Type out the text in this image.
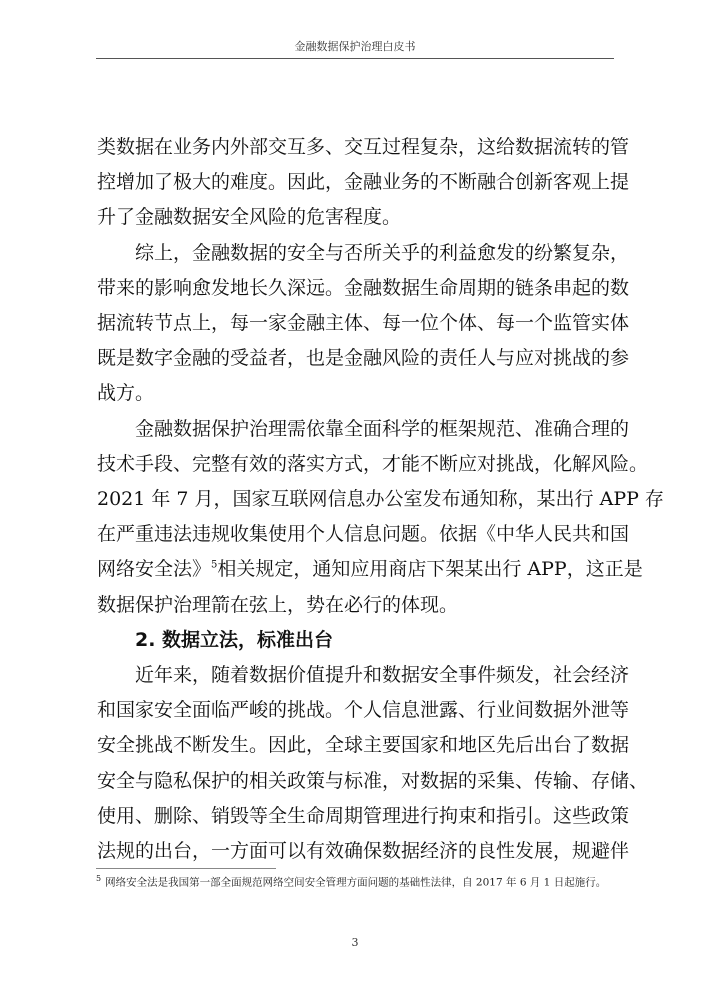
金融数据保护治理白皮书

类数据在业务内外部交互多、交互过程复杂，这给数据流转的管
控增加了极大的难度。因此，金融业务的不断融合创新客观上提
升了金融数据安全风险的危害程度。

综上，金融数据的安全与否所关乎的利益愈发的纷繁复杂，
带来的影响愈发地长久深远。金融数据生命周期的链条串起的数
据流转节点上，每一家金融主体、每一位个体、每一个监管实体
既是数字金融的受益者，也是金融风险的责任人与应对挑战的参
战方。

金融数据保护治理需依靠全面科学的框架规范、准确合理的
技术手段、完整有效的落实方式，才能不断应对挑战，化解风险。
2021 年 7 月，国家互联网信息办公室发布通知称，某出行 APP 存
在严重违法违规收集使用个人信息问题。依据《中华人民共和国
网络安全法》$^5$相关规定，通知应用商店下架某出行 APP，这正是
数据保护治理箭在弦上，势在必行的体现。

2. 数据立法，标准出台

近年来，随着数据价值提升和数据安全事件频发，社会经济
和国家安全面临严峻的挑战。个人信息泄露、行业间数据外泄等
安全挑战不断发生。因此，全球主要国家和地区先后出台了数据
安全与隐私保护的相关政策与标准，对数据的采集、传输、存储、
使用、删除、销毁等全生命周期管理进行拘束和指引。这些政策
法规的出台，一方面可以有效确保数据经济的良性发展，规避伴

$^5$ 网络安全法是我国第一部全面规范网络空间安全管理方面问题的基础性法律，自 2017 年 6 月 1 日起施行。
3
